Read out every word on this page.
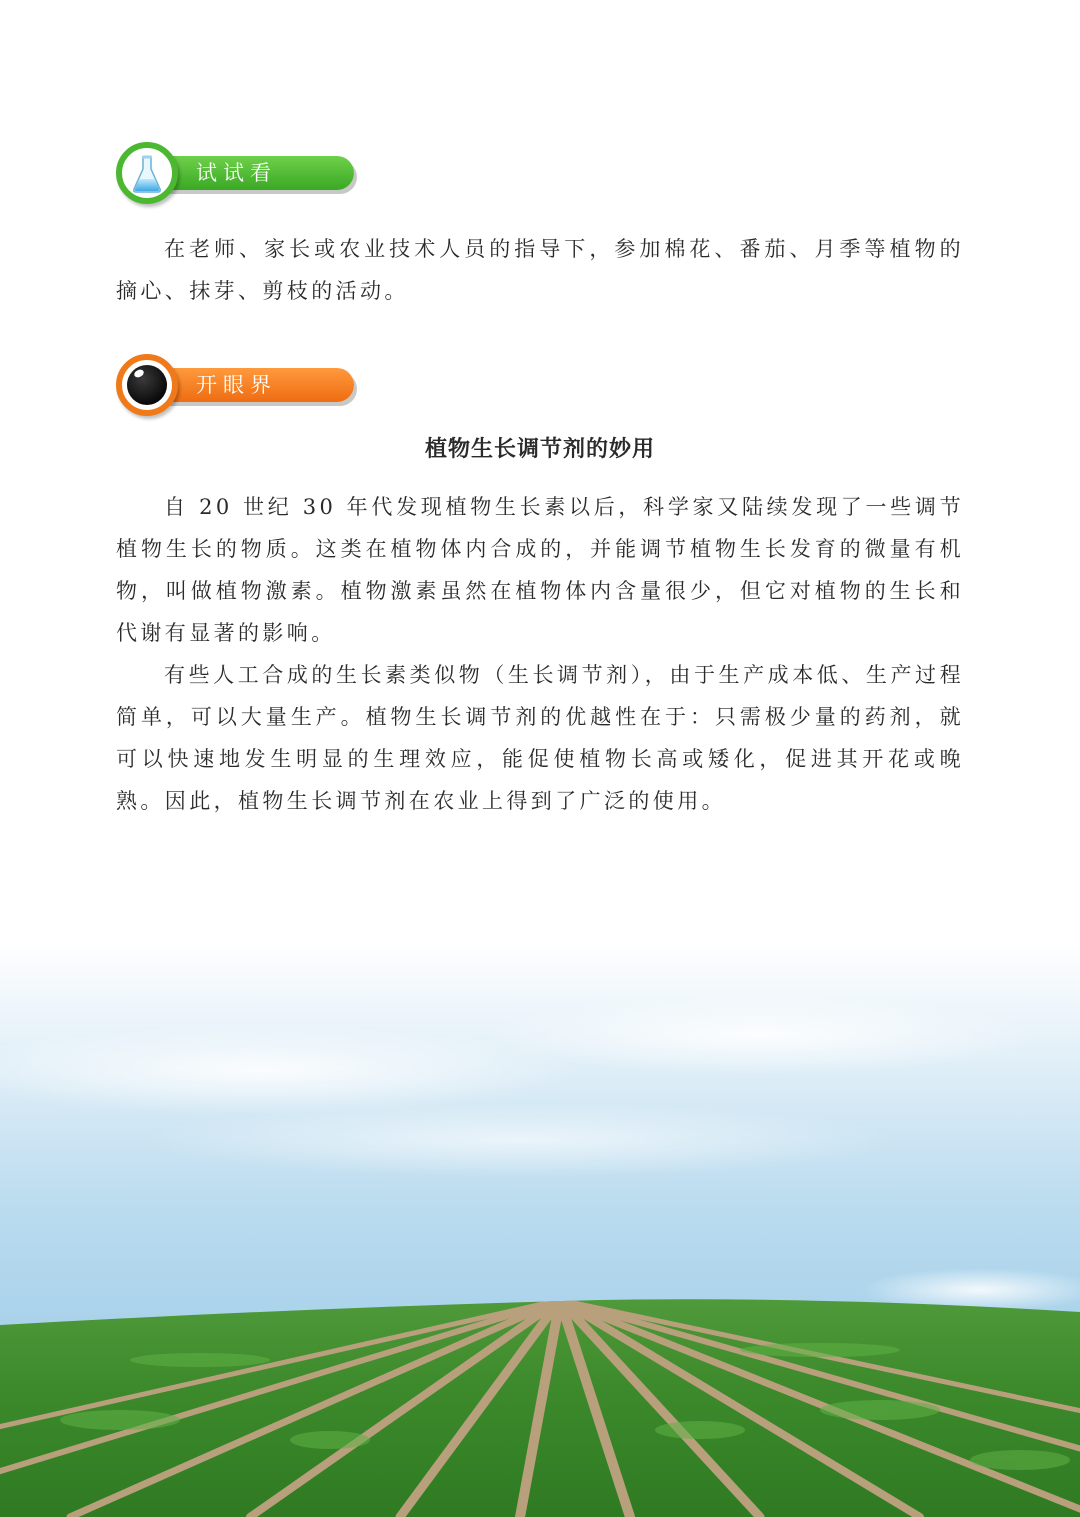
试试看

在老师、家长或农业技术人员的指导下，参加棉花、番茄、月季等植物的摘心、抹芽、剪枝的活动。

开眼界
植物生长调节剂的妙用

自 20 世纪 30 年代发现植物生长素以后，科学家又陆续发现了一些调节植物生长的物质。这类在植物体内合成的，并能调节植物生长发育的微量有机物，叫做植物激素。植物激素虽然在植物体内含量很少，但它对植物的生长和代谢有显著的影响。

有些人工合成的生长素类似物（生长调节剂），由于生产成本低、生产过程简单，可以大量生产。植物生长调节剂的优越性在于：只需极少量的药剂，就可以快速地发生明显的生理效应，能促使植物长高或矮化，促进其开花或晚熟。因此，植物生长调节剂在农业上得到了广泛的使用。
